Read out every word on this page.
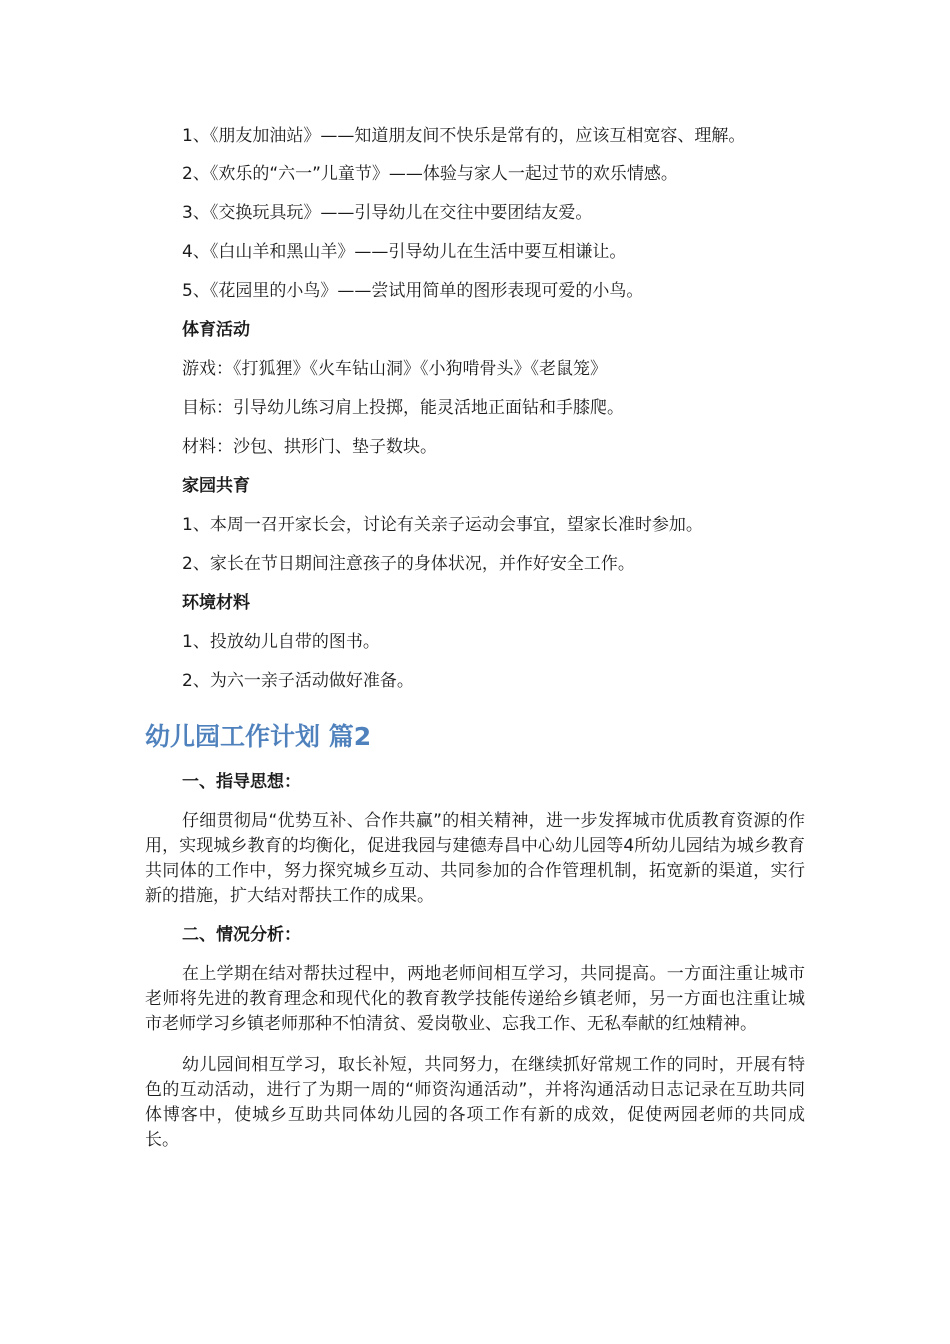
1、《朋友加油站》——知道朋友间不快乐是常有的，应该互相宽容、理解。

2、《欢乐的“六一”儿童节》——体验与家人一起过节的欢乐情感。

3、《交换玩具玩》——引导幼儿在交往中要团结友爱。

4、《白山羊和黑山羊》——引导幼儿在生活中要互相谦让。

5、《花园里的小鸟》——尝试用简单的图形表现可爱的小鸟。

体育活动

游戏：《打狐狸》《火车钻山洞》《小狗啃骨头》《老鼠笼》

目标：引导幼儿练习肩上投掷，能灵活地正面钻和手膝爬。

材料：沙包、拱形门、垫子数块。

家园共育

1、本周一召开家长会，讨论有关亲子运动会事宜，望家长准时参加。

2、家长在节日期间注意孩子的身体状况，并作好安全工作。

环境材料

1、投放幼儿自带的图书。

2、为六一亲子活动做好准备。

幼儿园工作计划 篇2

一、指导思想：

仔细贯彻局“优势互补、合作共赢”的相关精神，进一步发挥城市优质教育资源的作用，实现城乡教育的均衡化，促进我园与建德寿昌中心幼儿园等4所幼儿园结为城乡教育共同体的工作中，努力探究城乡互动、共同参加的合作管理机制，拓宽新的渠道，实行新的措施，扩大结对帮扶工作的成果。

二、情况分析：

在上学期在结对帮扶过程中，两地老师间相互学习，共同提高。一方面注重让城市老师将先进的教育理念和现代化的教育教学技能传递给乡镇老师，另一方面也注重让城市老师学习乡镇老师那种不怕清贫、爱岗敬业、忘我工作、无私奉献的红烛精神。

幼儿园间相互学习，取长补短，共同努力，在继续抓好常规工作的同时，开展有特色的互动活动，进行了为期一周的“师资沟通活动”，并将沟通活动日志记录在互助共同体博客中，使城乡互助共同体幼儿园的各项工作有新的成效，促使两园老师的共同成长。
